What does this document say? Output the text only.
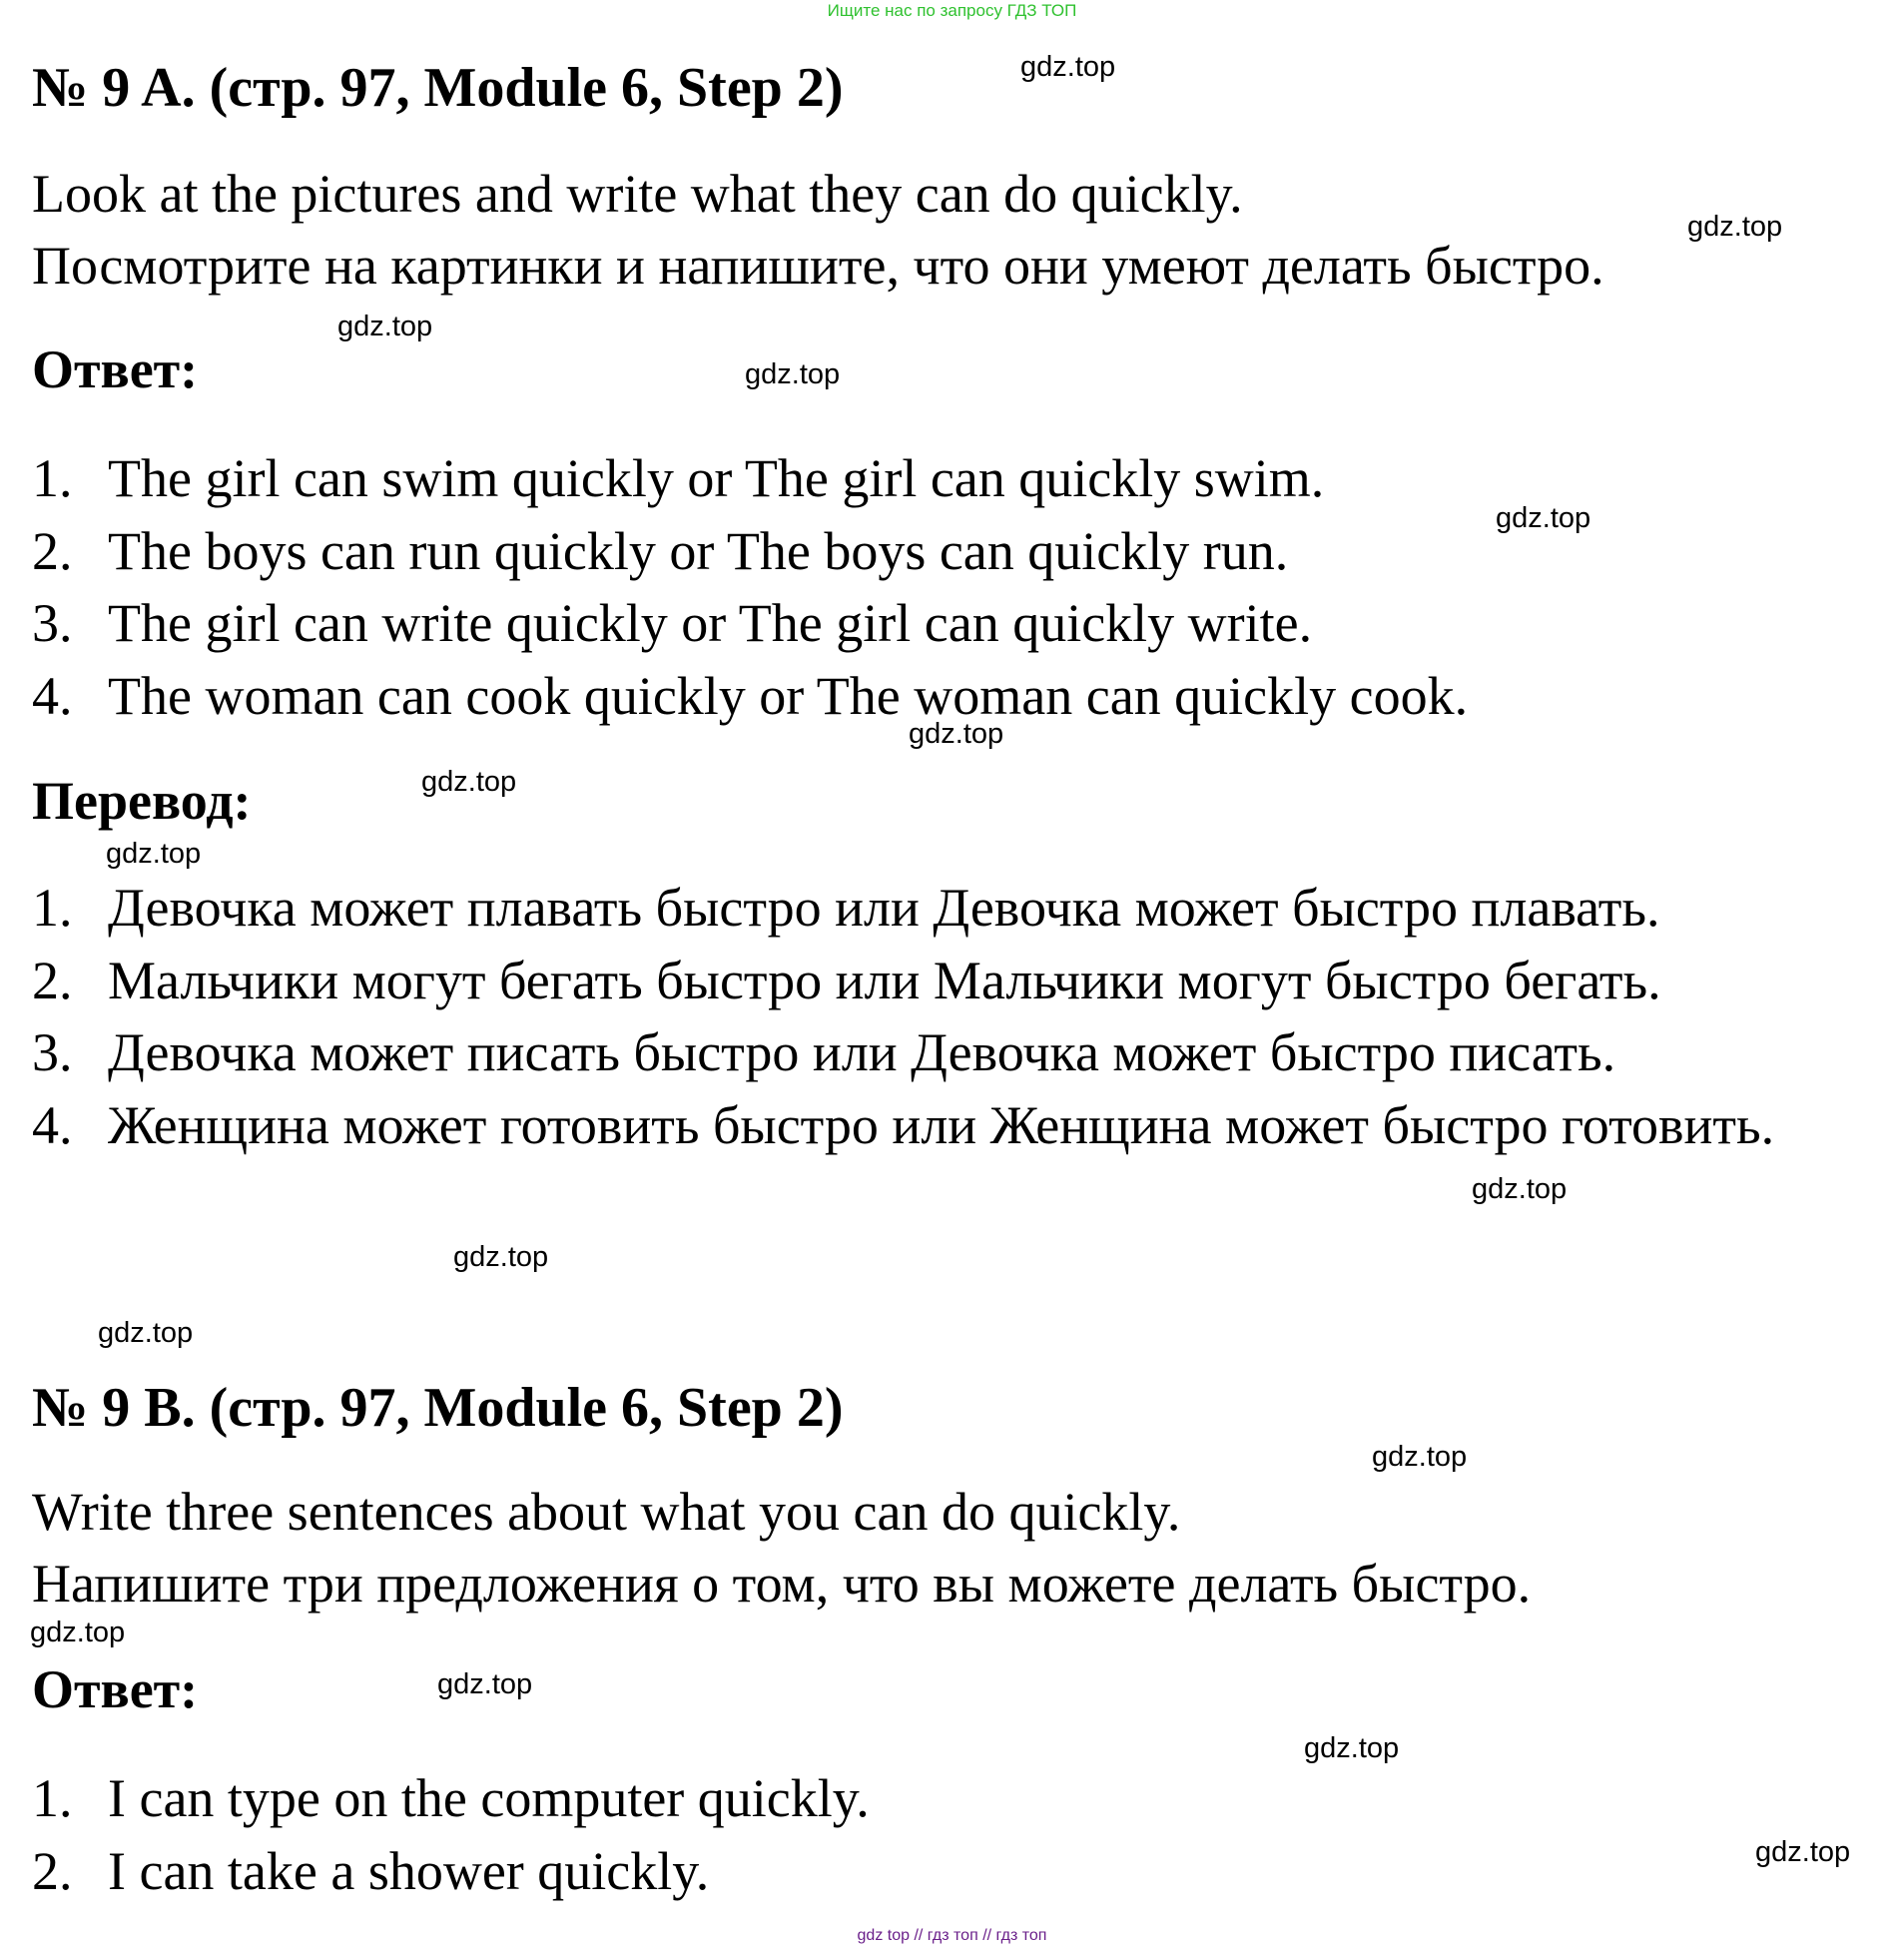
Ищите нас по запросу ГДЗ ТОП
№ 9 A. (стр. 97, Module 6, Step 2)
Look at the pictures and write what they can do quickly.
Посмотрите на картинки и напишите, что они умеют делать быстро.
Ответ:
1. The girl can swim quickly or The girl can quickly swim.
2. The boys can run quickly or The boys can quickly run.
3. The girl can write quickly or The girl can quickly write.
4. The woman can cook quickly or The woman can quickly cook.
Перевод:
1. Девочка может плавать быстро или Девочка может быстро плавать.
2. Мальчики могут бегать быстро или Мальчики могут быстро бегать.
3. Девочка может писать быстро или Девочка может быстро писать.
4. Женщина может готовить быстро или Женщина может быстро готовить.
№ 9 B. (стр. 97, Module 6, Step 2)
Write three sentences about what you can do quickly.
Напишите три предложения о том, что вы можете делать быстро.
Ответ:
1. I can type on the computer quickly.
2. I can take a shower quickly.
gdz.top
gdz.top
gdz.top
gdz.top
gdz.top
gdz.top
gdz.top
gdz.top
gdz.top
gdz.top
gdz.top
gdz.top
gdz.top
gdz.top
gdz.top
gdz.top
gdz top // гдз топ // гдз топ
